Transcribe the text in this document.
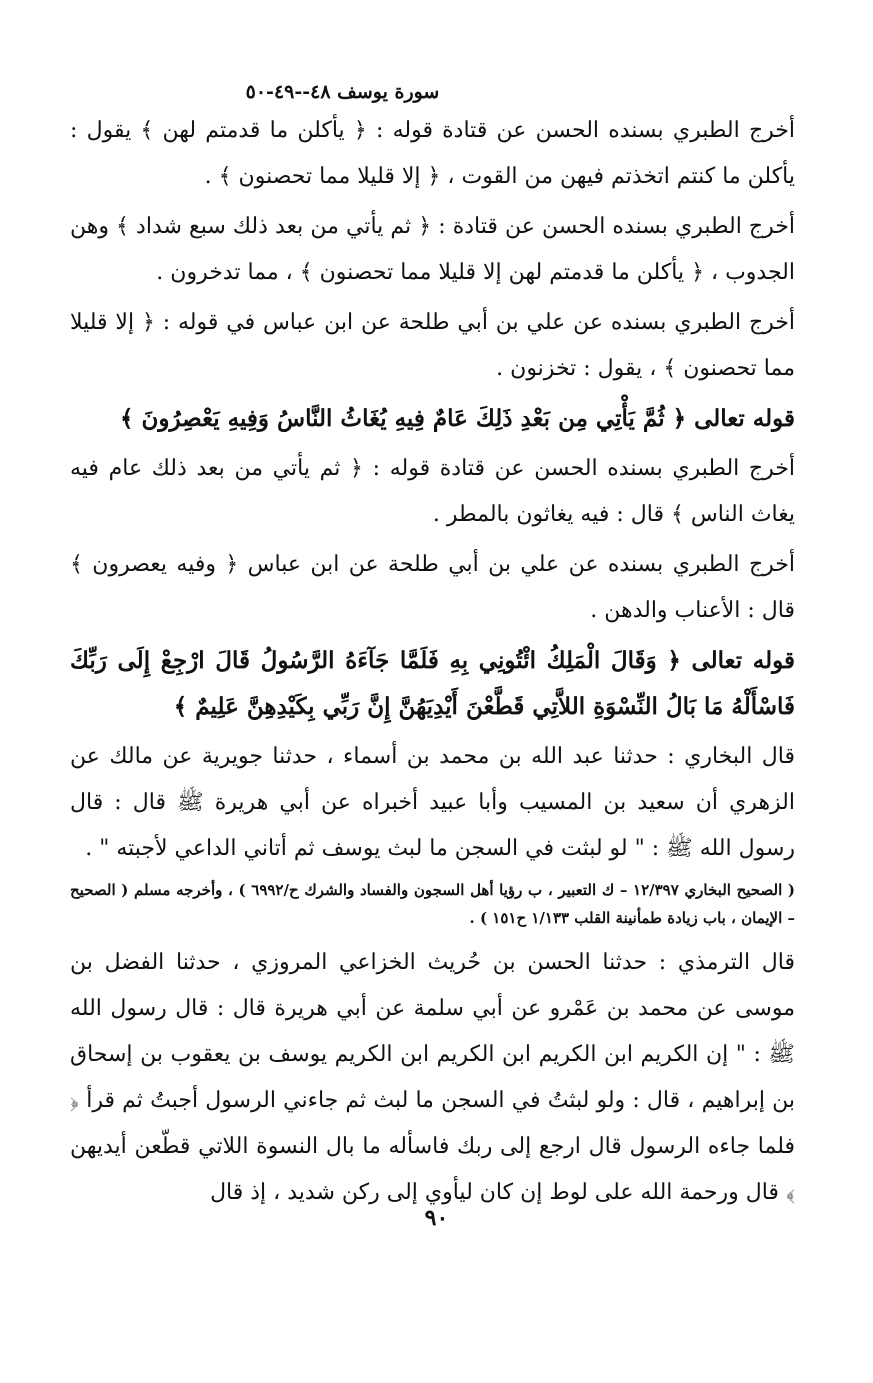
سورة يوسف ٤٨--٤٩-٥٠

أخرج الطبري بسنده الحسن عن قتادة قوله : ﴿ يأكلن ما قدمتم لهن ﴾ يقول : يأكلن ما كنتم اتخذتم فيهن من القوت ، ﴿ إلا قليلا مما تحصنون ﴾ .

أخرج الطبري بسنده الحسن عن قتادة : ﴿ ثم يأتي من بعد ذلك سبع شداد ﴾ وهن الجدوب ، ﴿ يأكلن ما قدمتم لهن إلا قليلا مما تحصنون ﴾ ، مما تدخرون .

أخرج الطبري بسنده عن علي بن أبي طلحة عن ابن عباس في قوله : ﴿ إلا قليلا مما تحصنون ﴾ ، يقول : تخزنون .

قوله تعالى ﴿ ثُمَّ يَأْتِي مِن بَعْدِ ذَلِكَ عَامٌ فِيهِ يُغَاثُ النَّاسُ وَفِيهِ يَعْصِرُونَ ﴾

أخرج الطبري بسنده الحسن عن قتادة قوله : ﴿ ثم يأتي من بعد ذلك عام فيه يغاث الناس ﴾ قال : فيه يغاثون بالمطر .

أخرج الطبري بسنده عن علي بن أبي طلحة عن ابن عباس ﴿ وفيه يعصرون ﴾ قال : الأعناب والدهن .

قوله تعالى ﴿ وَقَالَ الْمَلِكُ ائْتُونِي بِهِ فَلَمَّا جَآءَهُ الرَّسُولُ قَالَ ارْجِعْ إِلَى رَبِّكَ فَاسْأَلْهُ مَا بَالُ النِّسْوَةِ اللاَّتِي قَطَّعْنَ أَيْدِيَهُنَّ إِنَّ رَبِّي بِكَيْدِهِنَّ عَلِيمٌ ﴾

قال البخاري : حدثنا عبد الله بن محمد بن أسماء ، حدثنا جويرية عن مالك عن الزهري أن سعيد بن المسيب وأبا عبيد أخبراه عن أبي هريرة ﷺ قال : قال رسول الله ﷺ : " لو لبثت في السجن ما لبث يوسف ثم أتاني الداعي لأجبته " .

( الصحيح البخاري ١٢/٣٩٧ – ك التعبير ، ب رؤيا أهل السجون والفساد والشرك ح/٦٩٩٢ ) ، وأخرجه مسلم ( الصحيح – الإيمان ، باب زيادة طمأنينة القلب ١/١٣٣ ح١٥١ ) .

قال الترمذي : حدثنا الحسن بن حُريث الخزاعي المروزي ، حدثنا الفضل بن موسى عن محمد بن عَمْرو عن أبي سلمة عن أبي هريرة قال : قال رسول الله ﷺ : " إن الكريم ابن الكريم ابن الكريم ابن الكريم يوسف بن يعقوب بن إسحاق بن إبراهيم ، قال : ولو لبثتُ في السجن ما لبث ثم جاءني الرسول أجبتُ ثم قرأ ﴿ فلما جاءه الرسول قال ارجع إلى ربك فاسأله ما بال النسوة اللاتي قطّعن أيديهن ﴾ قال ورحمة الله على لوط إن كان ليأوي إلى ركن شديد ، إذ قال

٩٠
